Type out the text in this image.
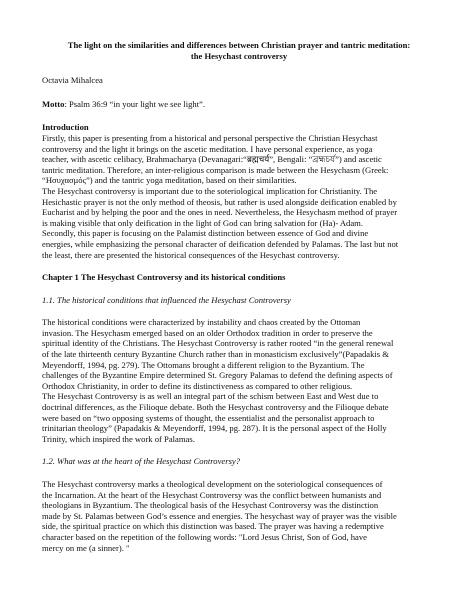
The light on the similarities and differences between Christian prayer and tantric meditation:
the Hesychast controversy

Octavia Mihalcea

Motto: Psalm 36:9 “in your light we see light”.

Introduction
Firstly, this paper is presenting from a historical and personal perspective the Christian Hesychast
controversy and the light it brings on the ascetic meditation. I have personal experience, as yoga
teacher, with ascetic celibacy, Brahmacharya (Devanagari:“ब्रह्मचर्य”, Bengali: “ব্রহ্মচর্য”) and ascetic
tantric meditation. Therefore, an inter-religious comparison is made between the Hesychasm (Greek:
“Ησυχασμός”) and the tantric yoga meditation, based on their similarities.
The Hesychast controversy is important due to the soteriological implication for Christianity. The
Hesichastic prayer is not the only method of theosis, but rather is used alongside deification enabled by
Eucharist and by helping the poor and the ones in need. Nevertheless, the Hesychasm method of prayer
is making visible that only deification in the light of God can bring salvation for (Ha)- Adam.
Secondly, this paper is focusing on the Palamist distinction between essence of God and divine
energies, while emphasizing the personal character of deification defended by Palamas. The last but not
the least, there are presented the historical consequences of the Hesychast controversy.
Chapter 1 The Hesychast Controversy and its historical conditions

1.1. The historical conditions that influenced the Hesychast Controversy

The historical conditions were characterized by instability and chaos created by the Ottoman
invasion. The Hesychasm emerged based on an older Orthodox tradition in order to preserve the
spiritual identity of the Christians. The Hesychast Controversy is rather rooted “in the general renewal
of the late thirteenth century Byzantine Church rather than in monasticism exclusively”(Papadakis &
Meyendorff, 1994, pg. 279). The Ottomans brought a different religion to the Byzantium. The
challenges of the Byzantine Empire determined St. Gregory Palamas to defend the defining aspects of
Orthodox Christianity, in order to define its distinctiveness as compared to other religious.
The Hesychast Controversy is as well an integral part of the schism between East and West due to
doctrinal differences, as the Filioque debate. Both the Hesychast controversy and the Filioque debate
were based on “two opposing systems of thought, the essentialist and the personalist approach to
trinitarian theology” (Papadakis & Meyendorff, 1994, pg. 287). It is the personal aspect of the Holly
Trinity, which inspired the work of Palamas.

1.2. What was at the heart of the Hesychast Controversy?

The Hesychast controversy marks a theological development on the soteriological consequences of
the Incarnation. At the heart of the Hesychast Controversy was the conflict between humanists and
theologians in Byzantium. The theological basis of the Hesychast Controversy was the distinction
made by St. Palamas between God’s essence and energies. The hesychast way of prayer was the visible
side, the spiritual practice on which this distinction was based. The prayer was having a redemptive
character based on the repetition of the following words: "Lord Jesus Christ, Son of God, have
mercy on me (a sinner). "
